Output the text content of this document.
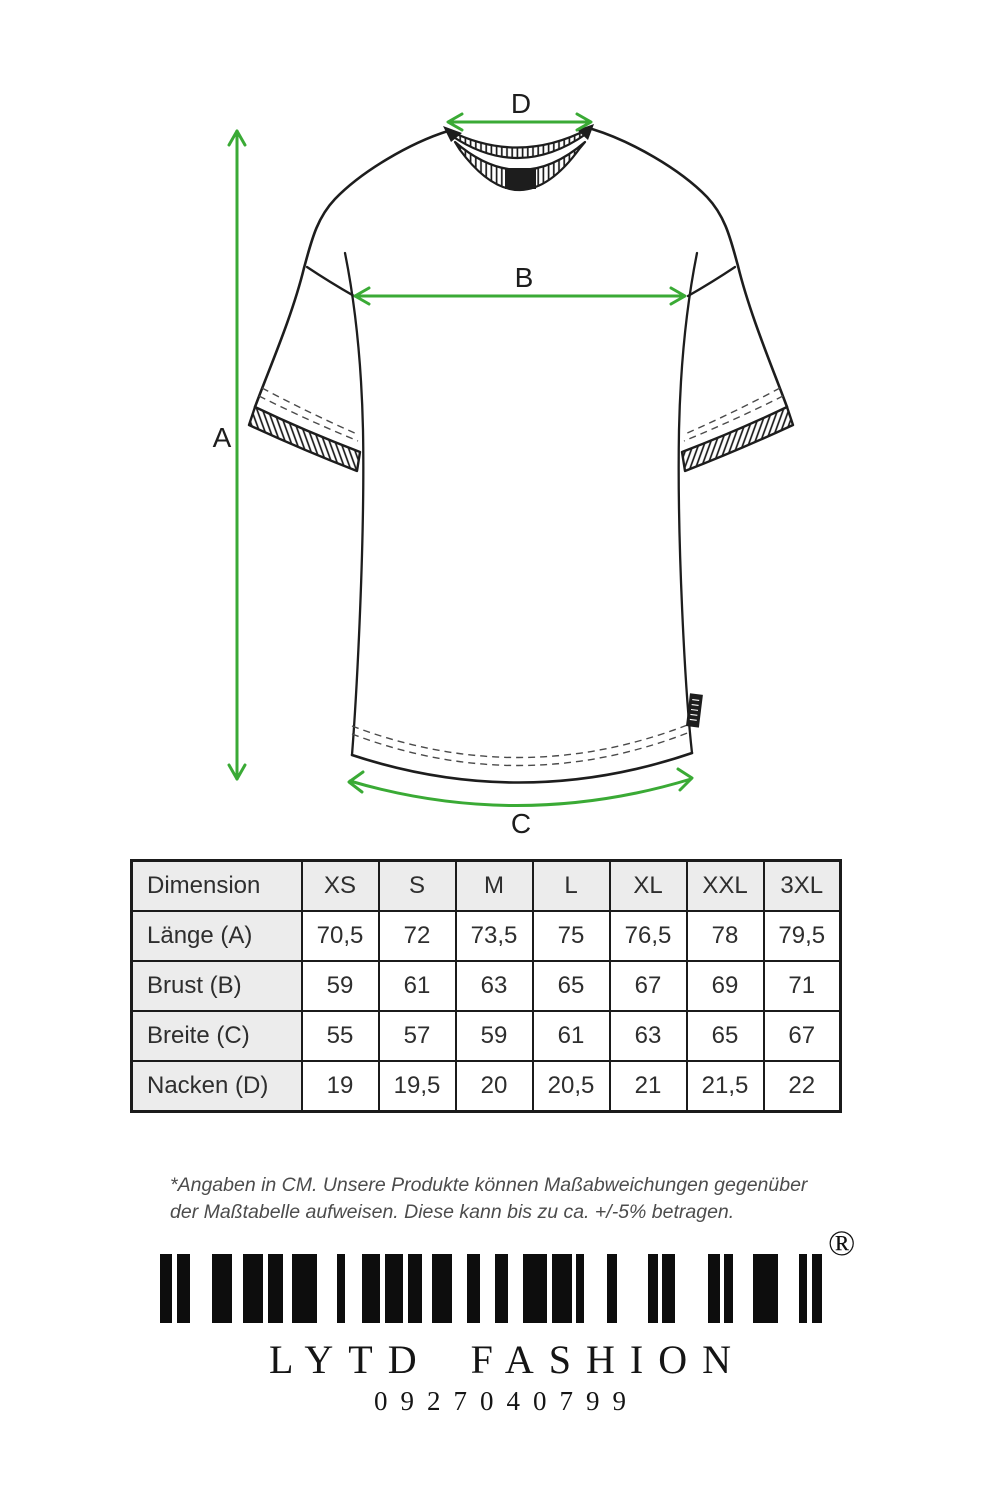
A
B
C
D
Dimension	XS	S	M	L	XL	XXL	3XL
Länge (A)	70,5	72	73,5	75	76,5	78	79,5
Brust (B)	59	61	63	65	67	69	71
Breite (C)	55	57	59	61	63	65	67
Nacken (D)	19	19,5	20	20,5	21	21,5	22
*Angaben in CM. Unsere Produkte können Maßabweichungen gegenüber
der Maßtabelle aufweisen. Diese kann bis zu ca. +/-5% betragen.
®
LYTD FASHION
0927040799
